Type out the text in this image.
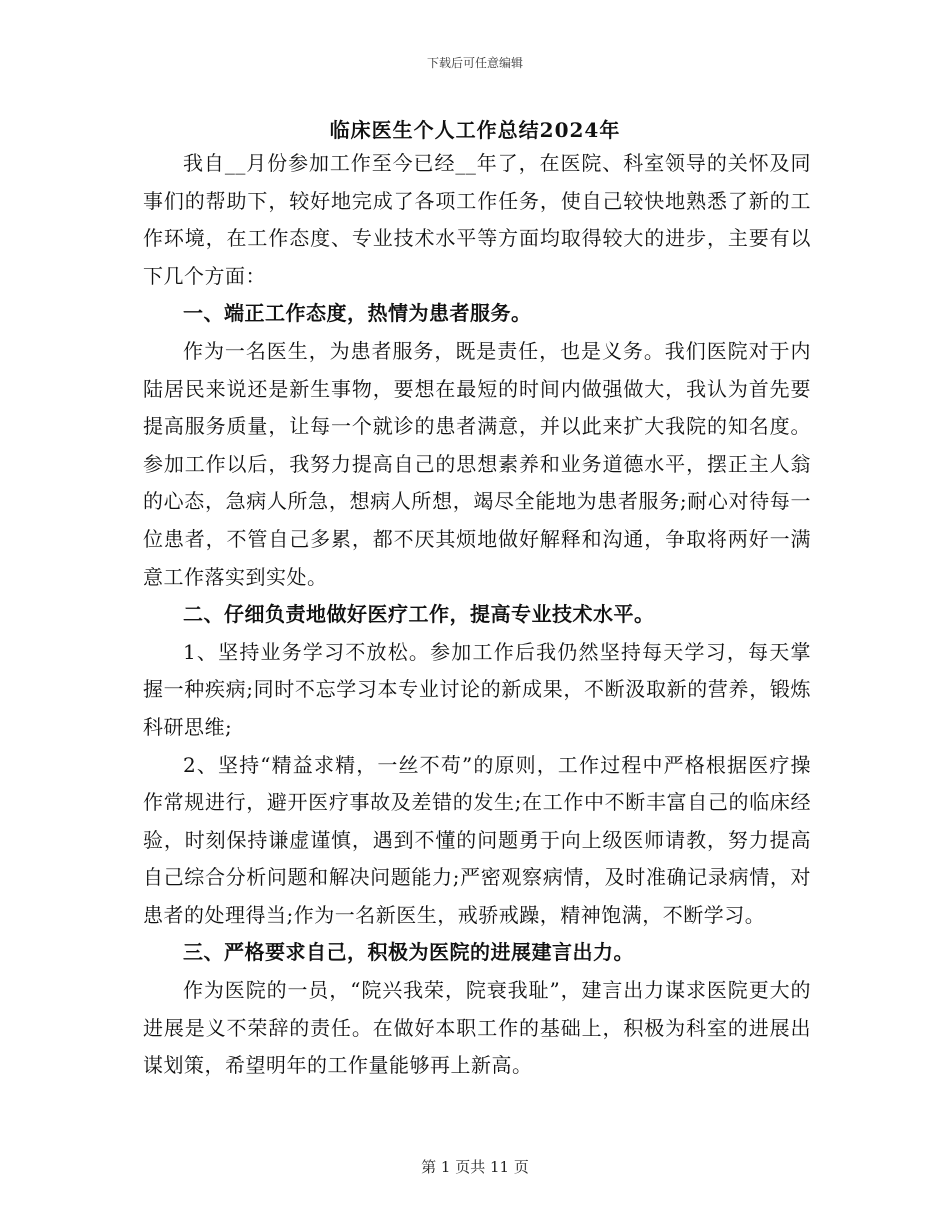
下载后可任意编辑
临床医生个人工作总结2024年

我自__月份参加工作至今已经__年了，在医院、科室领导的关怀及同事们的帮助下，较好地完成了各项工作任务，使自己较快地熟悉了新的工作环境，在工作态度、专业技术水平等方面均取得较大的进步，主要有以下几个方面：

一、端正工作态度，热情为患者服务。

作为一名医生，为患者服务，既是责任，也是义务。我们医院对于内陆居民来说还是新生事物，要想在最短的时间内做强做大，我认为首先要提高服务质量，让每一个就诊的患者满意，并以此来扩大我院的知名度。参加工作以后，我努力提高自己的思想素养和业务道德水平，摆正主人翁的心态，急病人所急，想病人所想，竭尽全能地为患者服务;耐心对待每一位患者，不管自己多累，都不厌其烦地做好解释和沟通，争取将两好一满意工作落实到实处。

二、仔细负责地做好医疗工作，提高专业技术水平。

1、坚持业务学习不放松。参加工作后我仍然坚持每天学习，每天掌握一种疾病;同时不忘学习本专业讨论的新成果，不断汲取新的营养，锻炼科研思维;

2、坚持“精益求精，一丝不苟”的原则，工作过程中严格根据医疗操作常规进行，避开医疗事故及差错的发生;在工作中不断丰富自己的临床经验，时刻保持谦虚谨慎，遇到不懂的问题勇于向上级医师请教，努力提高自己综合分析问题和解决问题能力;严密观察病情，及时准确记录病情，对患者的处理得当;作为一名新医生，戒骄戒躁，精神饱满，不断学习。

三、严格要求自己，积极为医院的进展建言出力。

作为医院的一员，“院兴我荣，院衰我耻”，建言出力谋求医院更大的进展是义不荣辞的责任。在做好本职工作的基础上，积极为科室的进展出谋划策，希望明年的工作量能够再上新高。

第 1 页共 11 页
